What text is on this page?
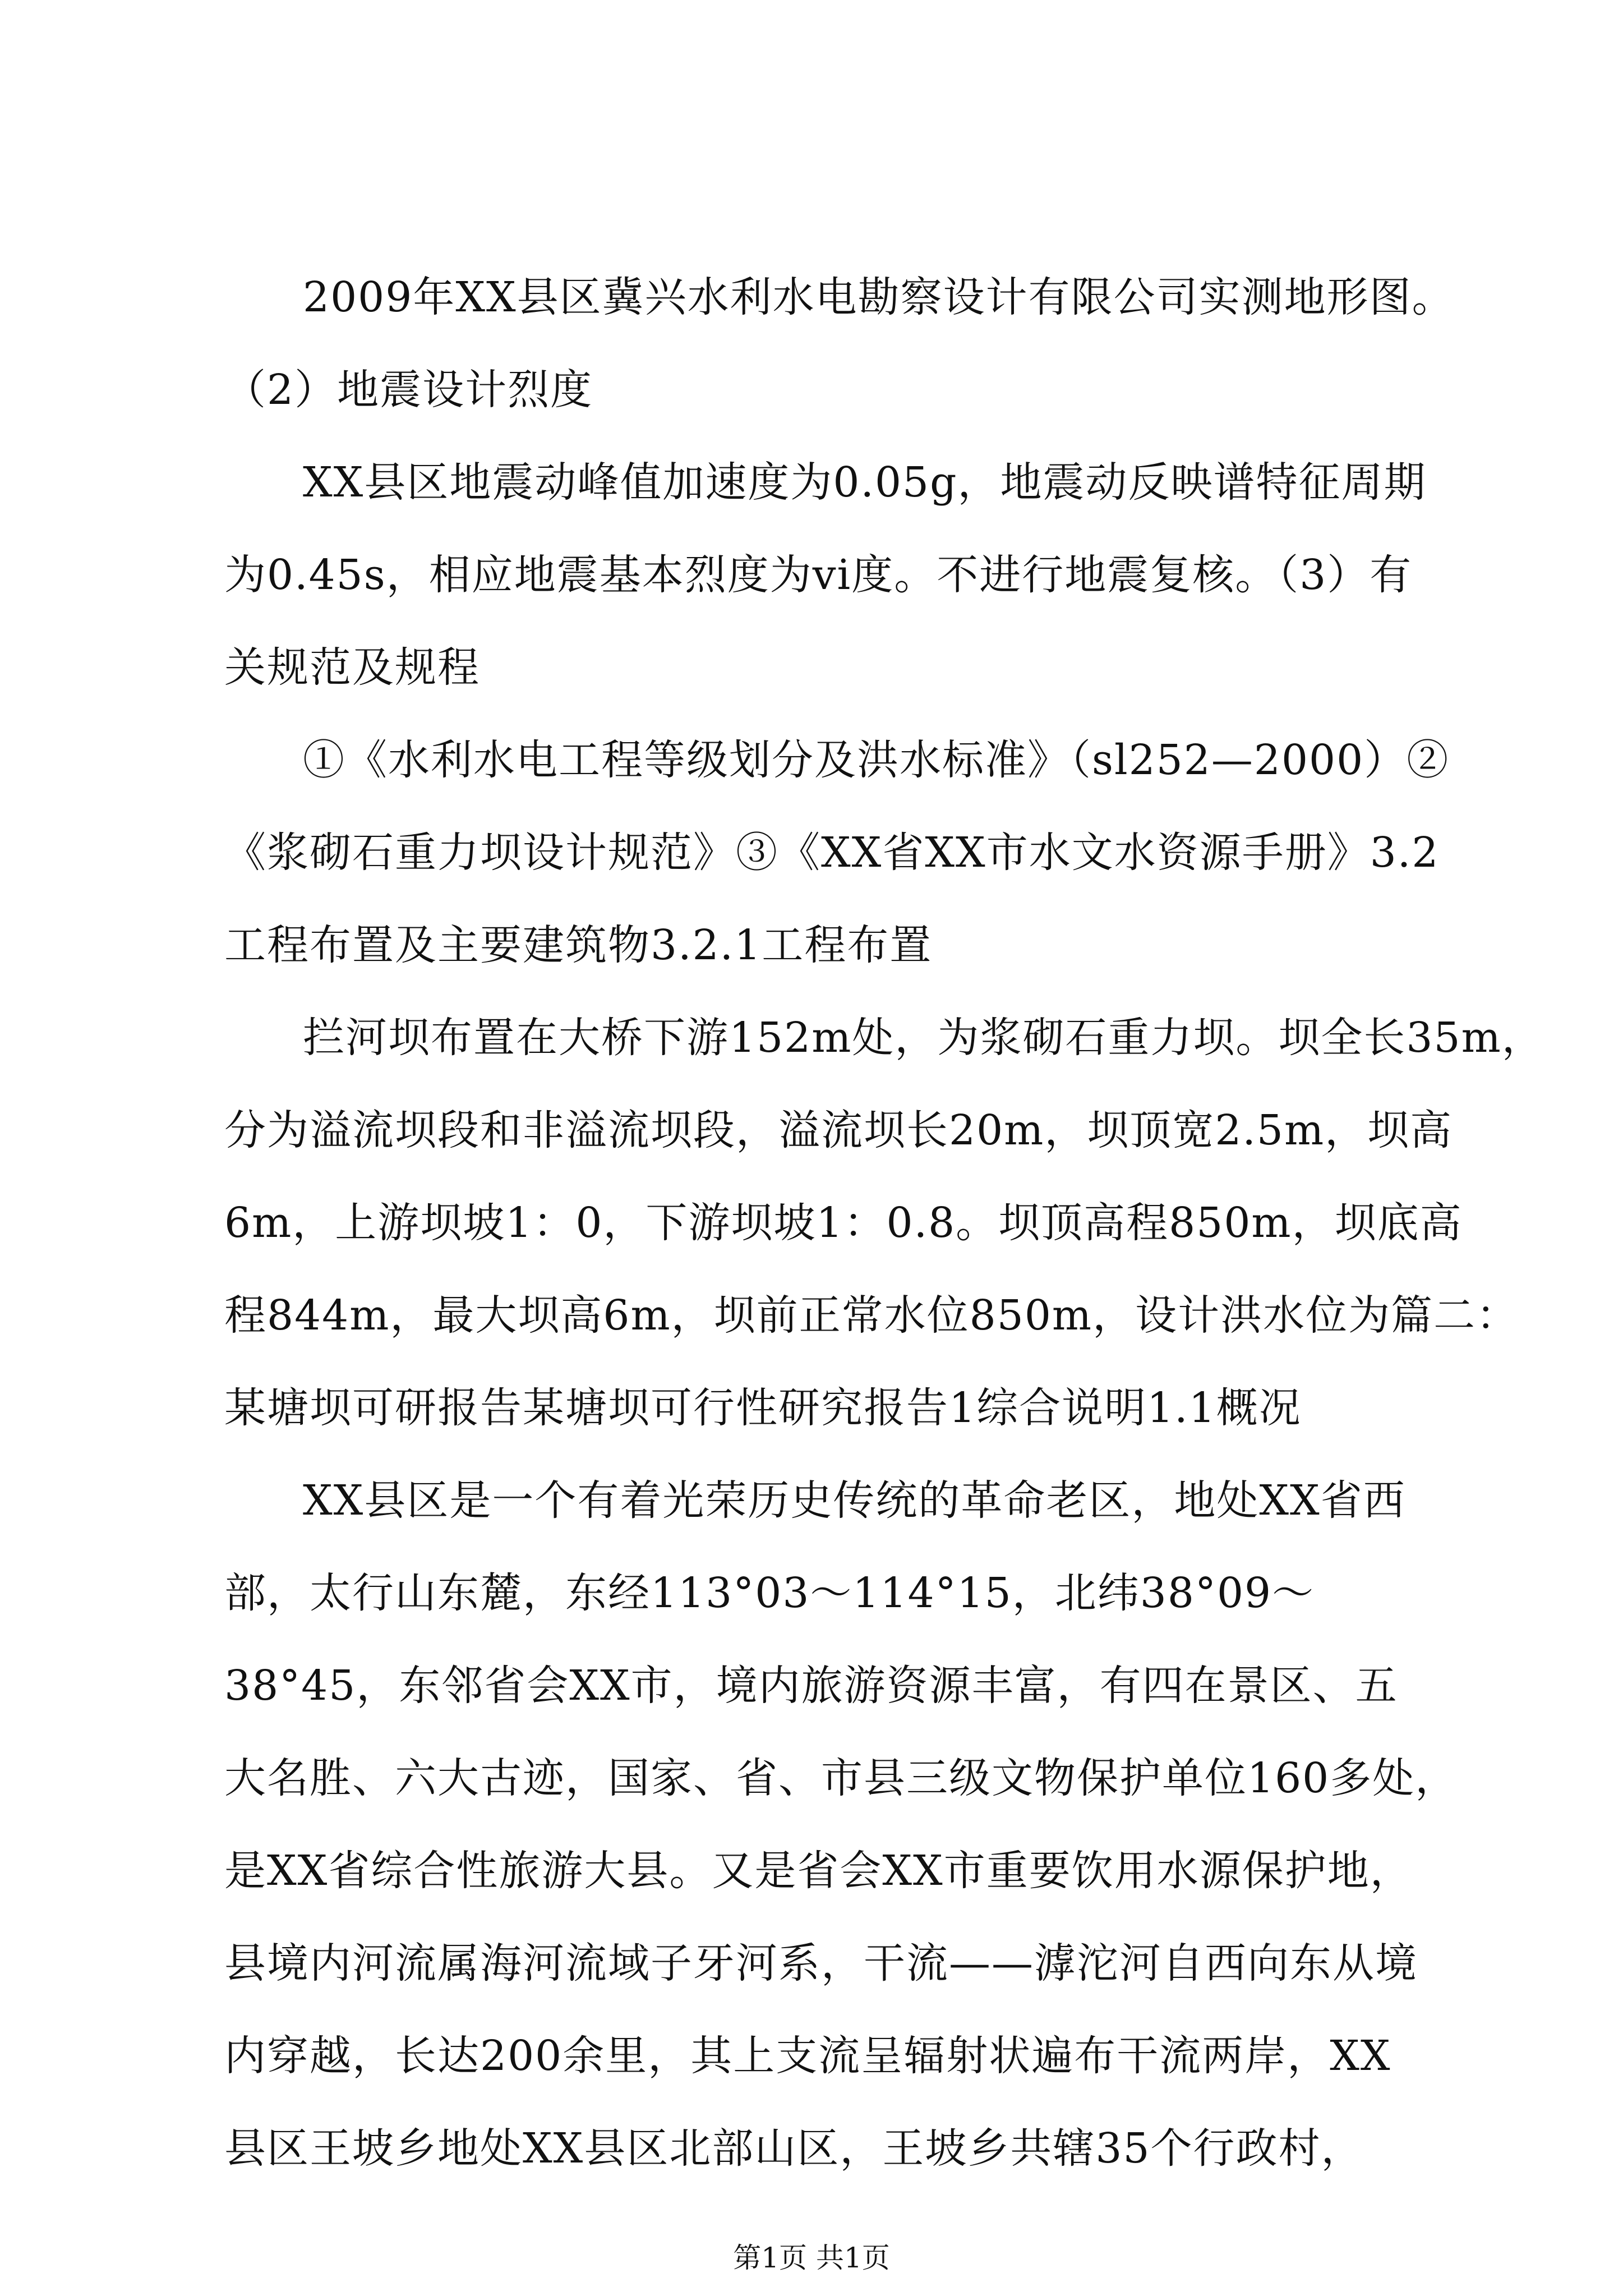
2009年XX县区冀兴水利水电勘察设计有限公司实测地形图。
（2）地震设计烈度
XX县区地震动峰值加速度为0.05g，地震动反映谱特征周期
为0.45s，相应地震基本烈度为vi度。不进行地震复核。（3）有
关规范及规程
①《水利水电工程等级划分及洪水标准》（sl252—2000）②
《浆砌石重力坝设计规范》③《XX省XX市水文水资源手册》3.2
工程布置及主要建筑物3.2.1工程布置
拦河坝布置在大桥下游152m处，为浆砌石重力坝。坝全长35m，
分为溢流坝段和非溢流坝段，溢流坝长20m，坝顶宽2.5m，坝高
6m，上游坝坡1：0，下游坝坡1：0.8。坝顶高程850m，坝底高
程844m，最大坝高6m，坝前正常水位850m，设计洪水位为篇二：
某塘坝可研报告某塘坝可行性研究报告1综合说明1.1概况
XX县区是一个有着光荣历史传统的革命老区，地处XX省西
部，太行山东麓，东经113°03～114°15，北纬38°09～
38°45，东邻省会XX市，境内旅游资源丰富，有四在景区、五
大名胜、六大古迹，国家、省、市县三级文物保护单位160多处，
是XX省综合性旅游大县。又是省会XX市重要饮用水源保护地，
县境内河流属海河流域子牙河系，干流——滹沱河自西向东从境
内穿越，长达200余里，其上支流呈辐射状遍布干流两岸，XX
县区王坡乡地处XX县区北部山区，王坡乡共辖35个行政村，
第1页 共1页
